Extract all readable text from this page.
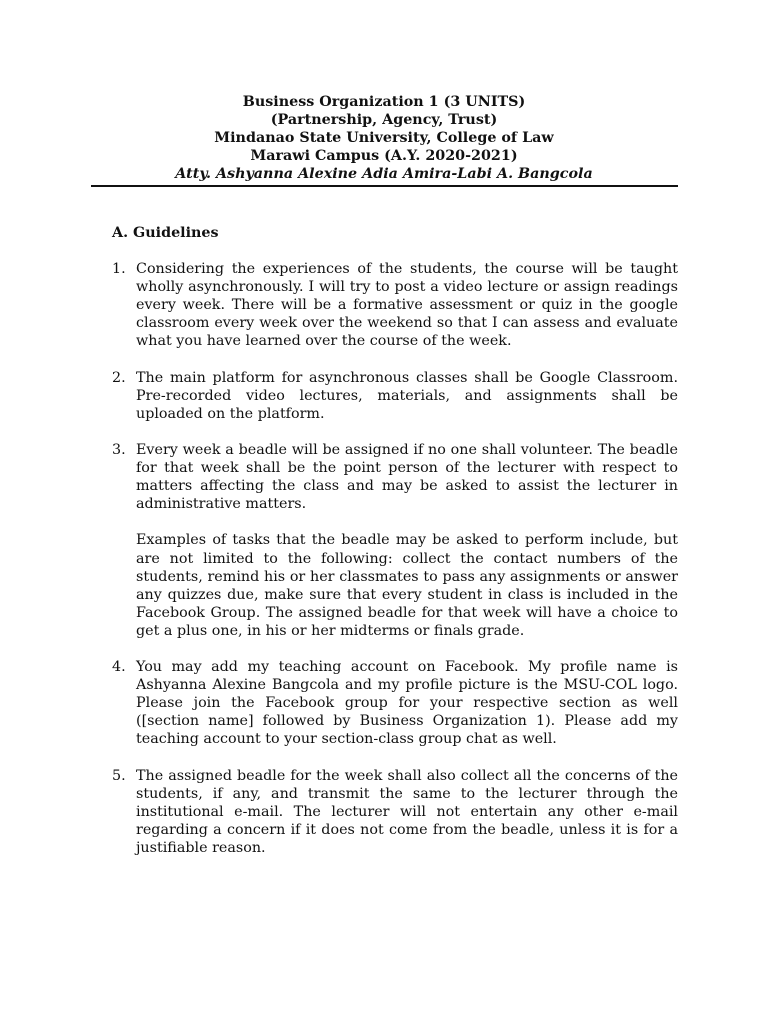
Business Organization 1 (3 UNITS)
(Partnership, Agency, Trust)
Mindanao State University, College of Law
Marawi Campus (A.Y. 2020-2021)
Atty. Ashyanna Alexine Adia Amira-Labi A. Bangcola
A. Guidelines
1. Considering the experiences of the students, the course will be taught wholly asynchronously. I will try to post a video lecture or assign readings every week. There will be a formative assessment or quiz in the google classroom every week over the weekend so that I can assess and evaluate what you have learned over the course of the week.

2. The main platform for asynchronous classes shall be Google Classroom. Pre-recorded video lectures, materials, and assignments shall be uploaded on the platform.

3. Every week a beadle will be assigned if no one shall volunteer. The beadle for that week shall be the point person of the lecturer with respect to matters affecting the class and may be asked to assist the lecturer in administrative matters.

Examples of tasks that the beadle may be asked to perform include, but are not limited to the following: collect the contact numbers of the students, remind his or her classmates to pass any assignments or answer any quizzes due, make sure that every student in class is included in the Facebook Group. The assigned beadle for that week will have a choice to get a plus one, in his or her midterms or finals grade.

4. You may add my teaching account on Facebook. My profile name is Ashyanna Alexine Bangcola and my profile picture is the MSU-COL logo. Please join the Facebook group for your respective section as well ([section name] followed by Business Organization 1). Please add my teaching account to your section-class group chat as well.

5. The assigned beadle for the week shall also collect all the concerns of the students, if any, and transmit the same to the lecturer through the institutional e-mail. The lecturer will not entertain any other e-mail regarding a concern if it does not come from the beadle, unless it is for a justifiable reason.
